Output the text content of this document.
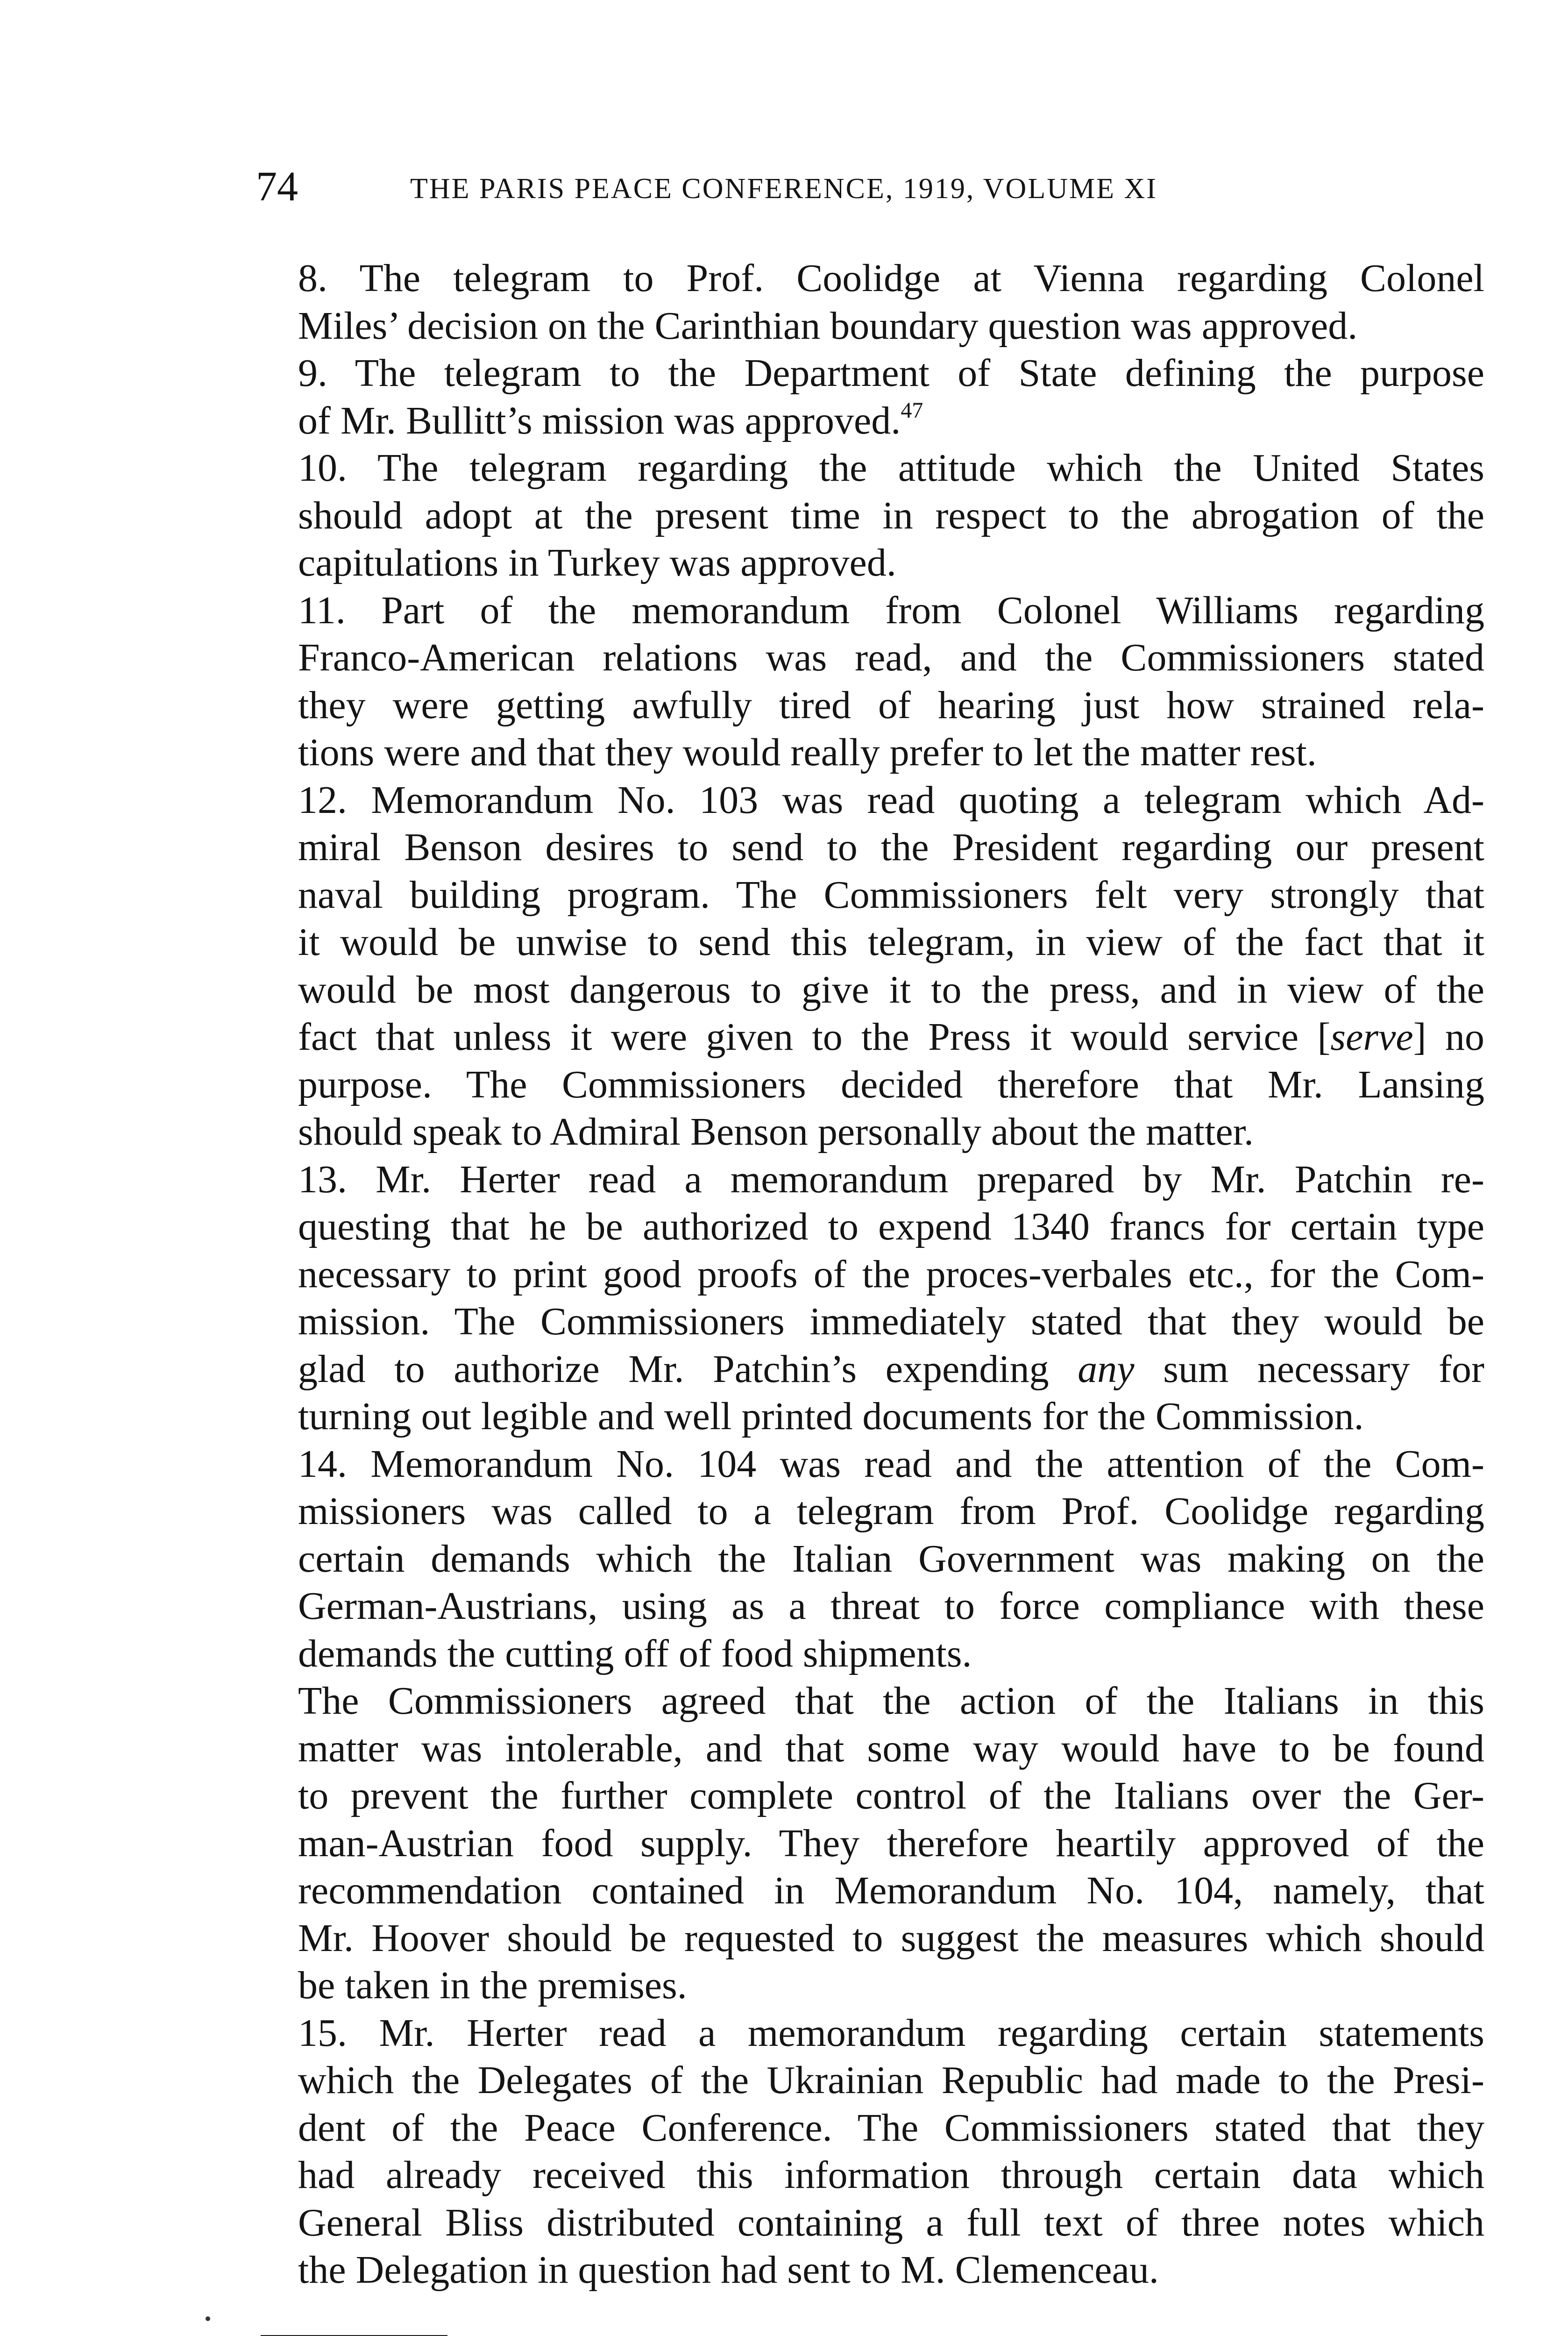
74	THE PARIS PEACE CONFERENCE, 1919, VOLUME XI

8. The telegram to Prof. Coolidge at Vienna regarding Colonel
Miles’ decision on the Carinthian boundary question was approved.

9. The telegram to the Department of State defining the purpose
of Mr. Bullitt’s mission was approved.$^{47}$

10. The telegram regarding the attitude which the United States
should adopt at the present time in respect to the abrogation of the
capitulations in Turkey was approved.

11. Part of the memorandum from Colonel Williams regarding
Franco-American relations was read, and the Commissioners stated
they were getting awfully tired of hearing just how strained rela-
tions were and that they would really prefer to let the matter rest.

12. Memorandum No. 103 was read quoting a telegram which Ad-
miral Benson desires to send to the President regarding our present
naval building program. The Commissioners felt very strongly that
it would be unwise to send this telegram, in view of the fact that it
would be most dangerous to give it to the press, and in view of the
fact that unless it were given to the Press it would service [serve] no
purpose. The Commissioners decided therefore that Mr. Lansing
should speak to Admiral Benson personally about the matter.

13. Mr. Herter read a memorandum prepared by Mr. Patchin re-
questing that he be authorized to expend 1340 francs for certain type
necessary to print good proofs of the proces-verbales etc., for the Com-
mission. The Commissioners immediately stated that they would be
glad to authorize Mr. Patchin’s expending any sum necessary for
turning out legible and well printed documents for the Commission.

14. Memorandum No. 104 was read and the attention of the Com-
missioners was called to a telegram from Prof. Coolidge regarding
certain demands which the Italian Government was making on the
German-Austrians, using as a threat to force compliance with these
demands the cutting off of food shipments.

The Commissioners agreed that the action of the Italians in this
matter was intolerable, and that some way would have to be found
to prevent the further complete control of the Italians over the Ger-
man-Austrian food supply. They therefore heartily approved of the
recommendation contained in Memorandum No. 104, namely, that
Mr. Hoover should be requested to suggest the measures which should
be taken in the premises.

15. Mr. Herter read a memorandum regarding certain statements
which the Delegates of the Ukrainian Republic had made to the Presi-
dent of the Peace Conference. The Commissioners stated that they
had already received this information through certain data which
General Bliss distributed containing a full text of three notes which
the Delegation in question had sent to M. Clemenceau.
